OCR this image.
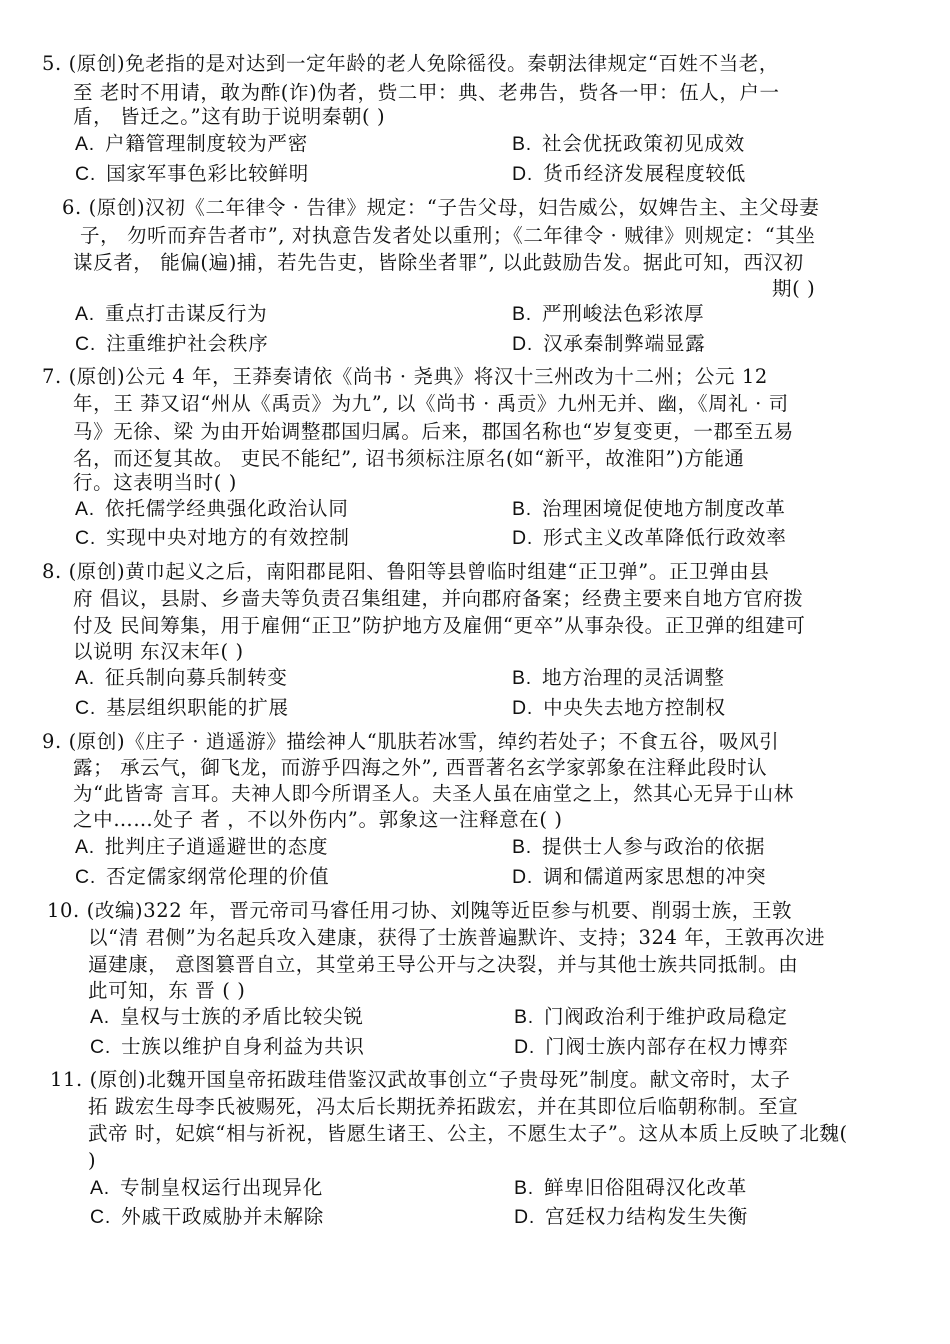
5. (原创)免老指的是对达到一定年龄的老人免除徭役。秦朝法律规定“百姓不当老，
至 老时不用请，敢为酢(诈)伪者，赀二甲：典、老弗告，赀各一甲：伍人，户一
盾， 皆迁之。”这有助于说明秦朝( )
A. 户籍管理制度较为严密	B. 社会优抚政策初见成效
C. 国家军事色彩比较鲜明	D. 货币经济发展程度较低
6. (原创)汉初《二年律令 · 告律》规定：“子告父母，妇告威公，奴婢告主、主父母妻
子， 勿听而弃告者市”, 对执意告发者处以重刑；《二年律令 · 贼律》则规定：“其坐
谋反者， 能偏(遍)捕，若先告吏，皆除坐者罪”, 以此鼓励告发。据此可知，西汉初
期( )
A. 重点打击谋反行为	B. 严刑峻法色彩浓厚
C. 注重维护社会秩序	D. 汉承秦制弊端显露
7. (原创)公元 4 年，王莽奏请依《尚书 · 尧典》将汉十三州改为十二州；公元 12
年，王 莽又诏“州从《禹贡》为九”, 以《尚书 · 禹贡》九州无并、幽，《周礼 · 司
马》无徐、梁 为由开始调整郡国归属。后来，郡国名称也“岁复变更，一郡至五易
名，而还复其故。 吏民不能纪”, 诏书须标注原名(如“新平，故淮阳”)方能通
行。这表明当时( )
A. 依托儒学经典强化政治认同	B. 治理困境促使地方制度改革
C. 实现中央对地方的有效控制	D. 形式主义改革降低行政效率
8. (原创)黄巾起义之后，南阳郡昆阳、鲁阳等县曾临时组建“正卫弹”。正卫弹由县
府 倡议，县尉、乡啬夫等负责召集组建，并向郡府备案；经费主要来自地方官府拨
付及 民间筹集，用于雇佣“正卫”防护地方及雇佣“更卒”从事杂役。正卫弹的组建可
以说明 东汉末年( )
A. 征兵制向募兵制转变	B. 地方治理的灵活调整
C. 基层组织职能的扩展	D. 中央失去地方控制权
9. (原创)《庄子 · 逍遥游》描绘神人“肌肤若冰雪，绰约若处子；不食五谷，吸风引
露； 承云气，御飞龙，而游乎四海之外”, 西晋著名玄学家郭象在注释此段时认
为“此皆寄 言耳。夫神人即今所谓圣人。夫圣人虽在庙堂之上，然其心无异于山林
之中……处子 者 ，不以外伤内”。郭象这一注释意在( )
A. 批判庄子逍遥避世的态度	B. 提供士人参与政治的依据
C. 否定儒家纲常伦理的价值	D. 调和儒道两家思想的冲突
10. (改编)322 年，晋元帝司马睿任用刁协、刘隗等近臣参与机要、削弱士族，王敦
以“清 君侧”为名起兵攻入建康，获得了士族普遍默许、支持；324 年，王敦再次进
逼建康， 意图篡晋自立，其堂弟王导公开与之决裂，并与其他士族共同抵制。由
此可知，东 晋 ( )
A. 皇权与士族的矛盾比较尖锐	B. 门阀政治利于维护政局稳定
C. 士族以维护自身利益为共识	D. 门阀士族内部存在权力博弈
11. (原创)北魏开国皇帝拓跋珪借鉴汉武故事创立“子贵母死”制度。献文帝时，太子
拓 跋宏生母李氏被赐死，冯太后长期抚养拓跋宏，并在其即位后临朝称制。至宣
武帝 时，妃嫔“相与祈祝，皆愿生诸王、公主，不愿生太子”。这从本质上反映了北魏(
)
A. 专制皇权运行出现异化	B. 鲜卑旧俗阻碍汉化改革
C. 外戚干政威胁并未解除	D. 宫廷权力结构发生失衡
